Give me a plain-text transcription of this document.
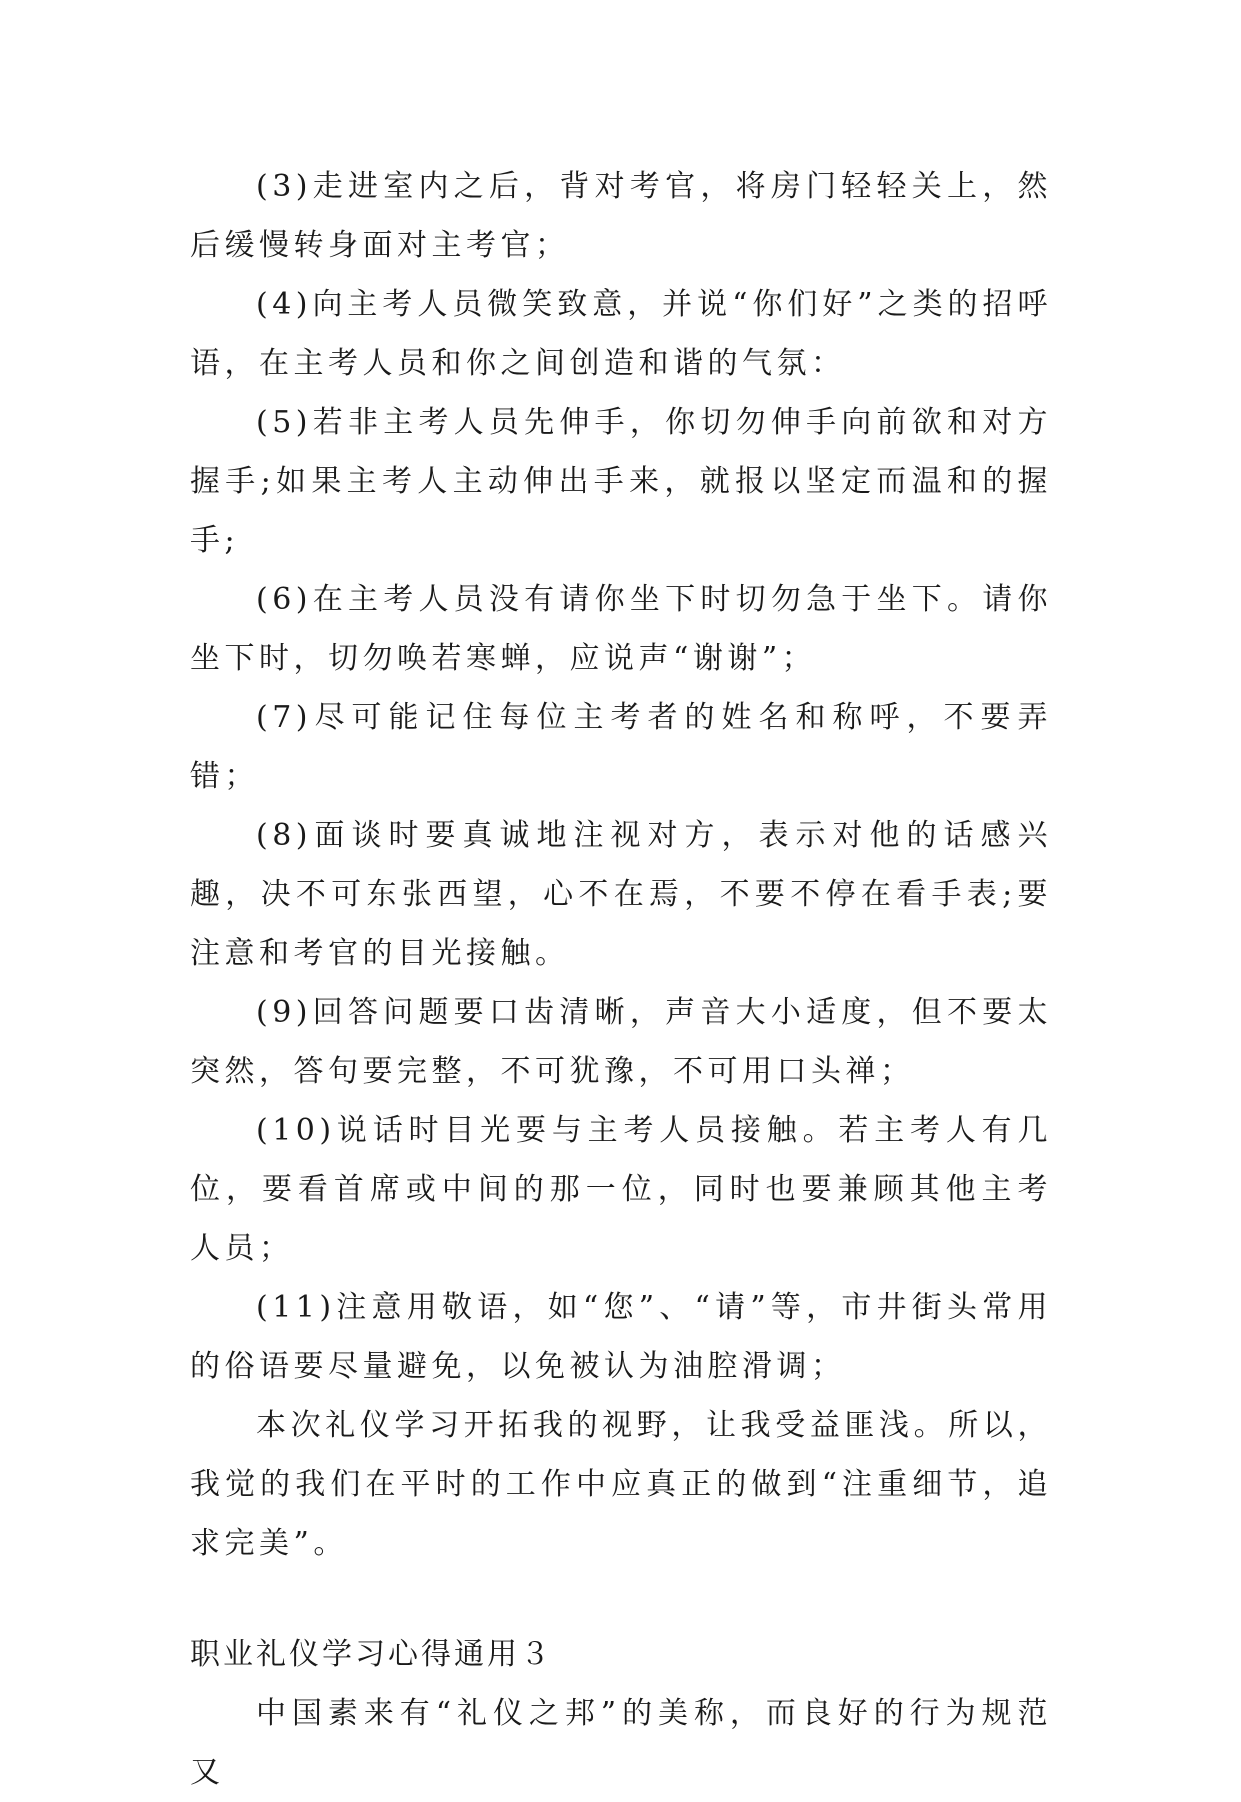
(3)走进室内之后，背对考官，将房门轻轻关上，然后缓慢转身面对主考官；

(4)向主考人员微笑致意，并说“你们好”之类的招呼语，在主考人员和你之间创造和谐的气氛：

(5)若非主考人员先伸手，你切勿伸手向前欲和对方握手;如果主考人主动伸出手来，就报以坚定而温和的握手;

(6)在主考人员没有请你坐下时切勿急于坐下。请你坐下时，切勿唤若寒蝉，应说声“谢谢”；

(7)尽可能记住每位主考者的姓名和称呼，不要弄错；

(8)面谈时要真诚地注视对方，表示对他的话感兴趣，决不可东张西望，心不在焉，不要不停在看手表;要注意和考官的目光接触。

(9)回答问题要口齿清晰，声音大小适度，但不要太突然，答句要完整，不可犹豫，不可用口头禅；

(10)说话时目光要与主考人员接触。若主考人有几位，要看首席或中间的那一位，同时也要兼顾其他主考人员；

(11)注意用敬语，如“您”、“请”等，市井街头常用的俗语要尽量避免，以免被认为油腔滑调；

本次礼仪学习开拓我的视野，让我受益匪浅。所以，我觉的我们在平时的工作中应真正的做到“注重细节，追求完美”。

职业礼仪学习心得通用３

中国素来有“礼仪之邦”的美称，而良好的行为规范又
